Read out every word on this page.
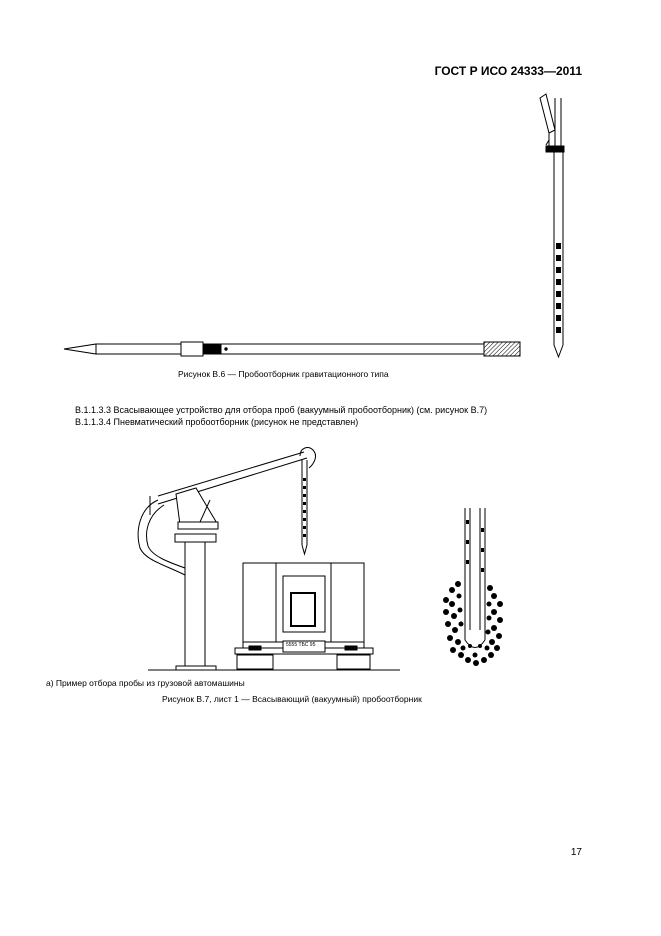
ГОСТ Р ИСО 24333—2011
Рисунок В.6 — Пробоотборник гравитационного типа
В.1.1.3.3 Всасывающее устройство для отбора проб (вакуумный пробоотборник) (см. рисунок В.7)
В.1.1.3.4 Пневматический пробоотборник (рисунок не представлен)
5555 ТБС 95
а) Пример отбора пробы из грузовой автомашины
Рисунок В.7, лист 1 — Всасывающий (вакуумный) пробоотборник
17
